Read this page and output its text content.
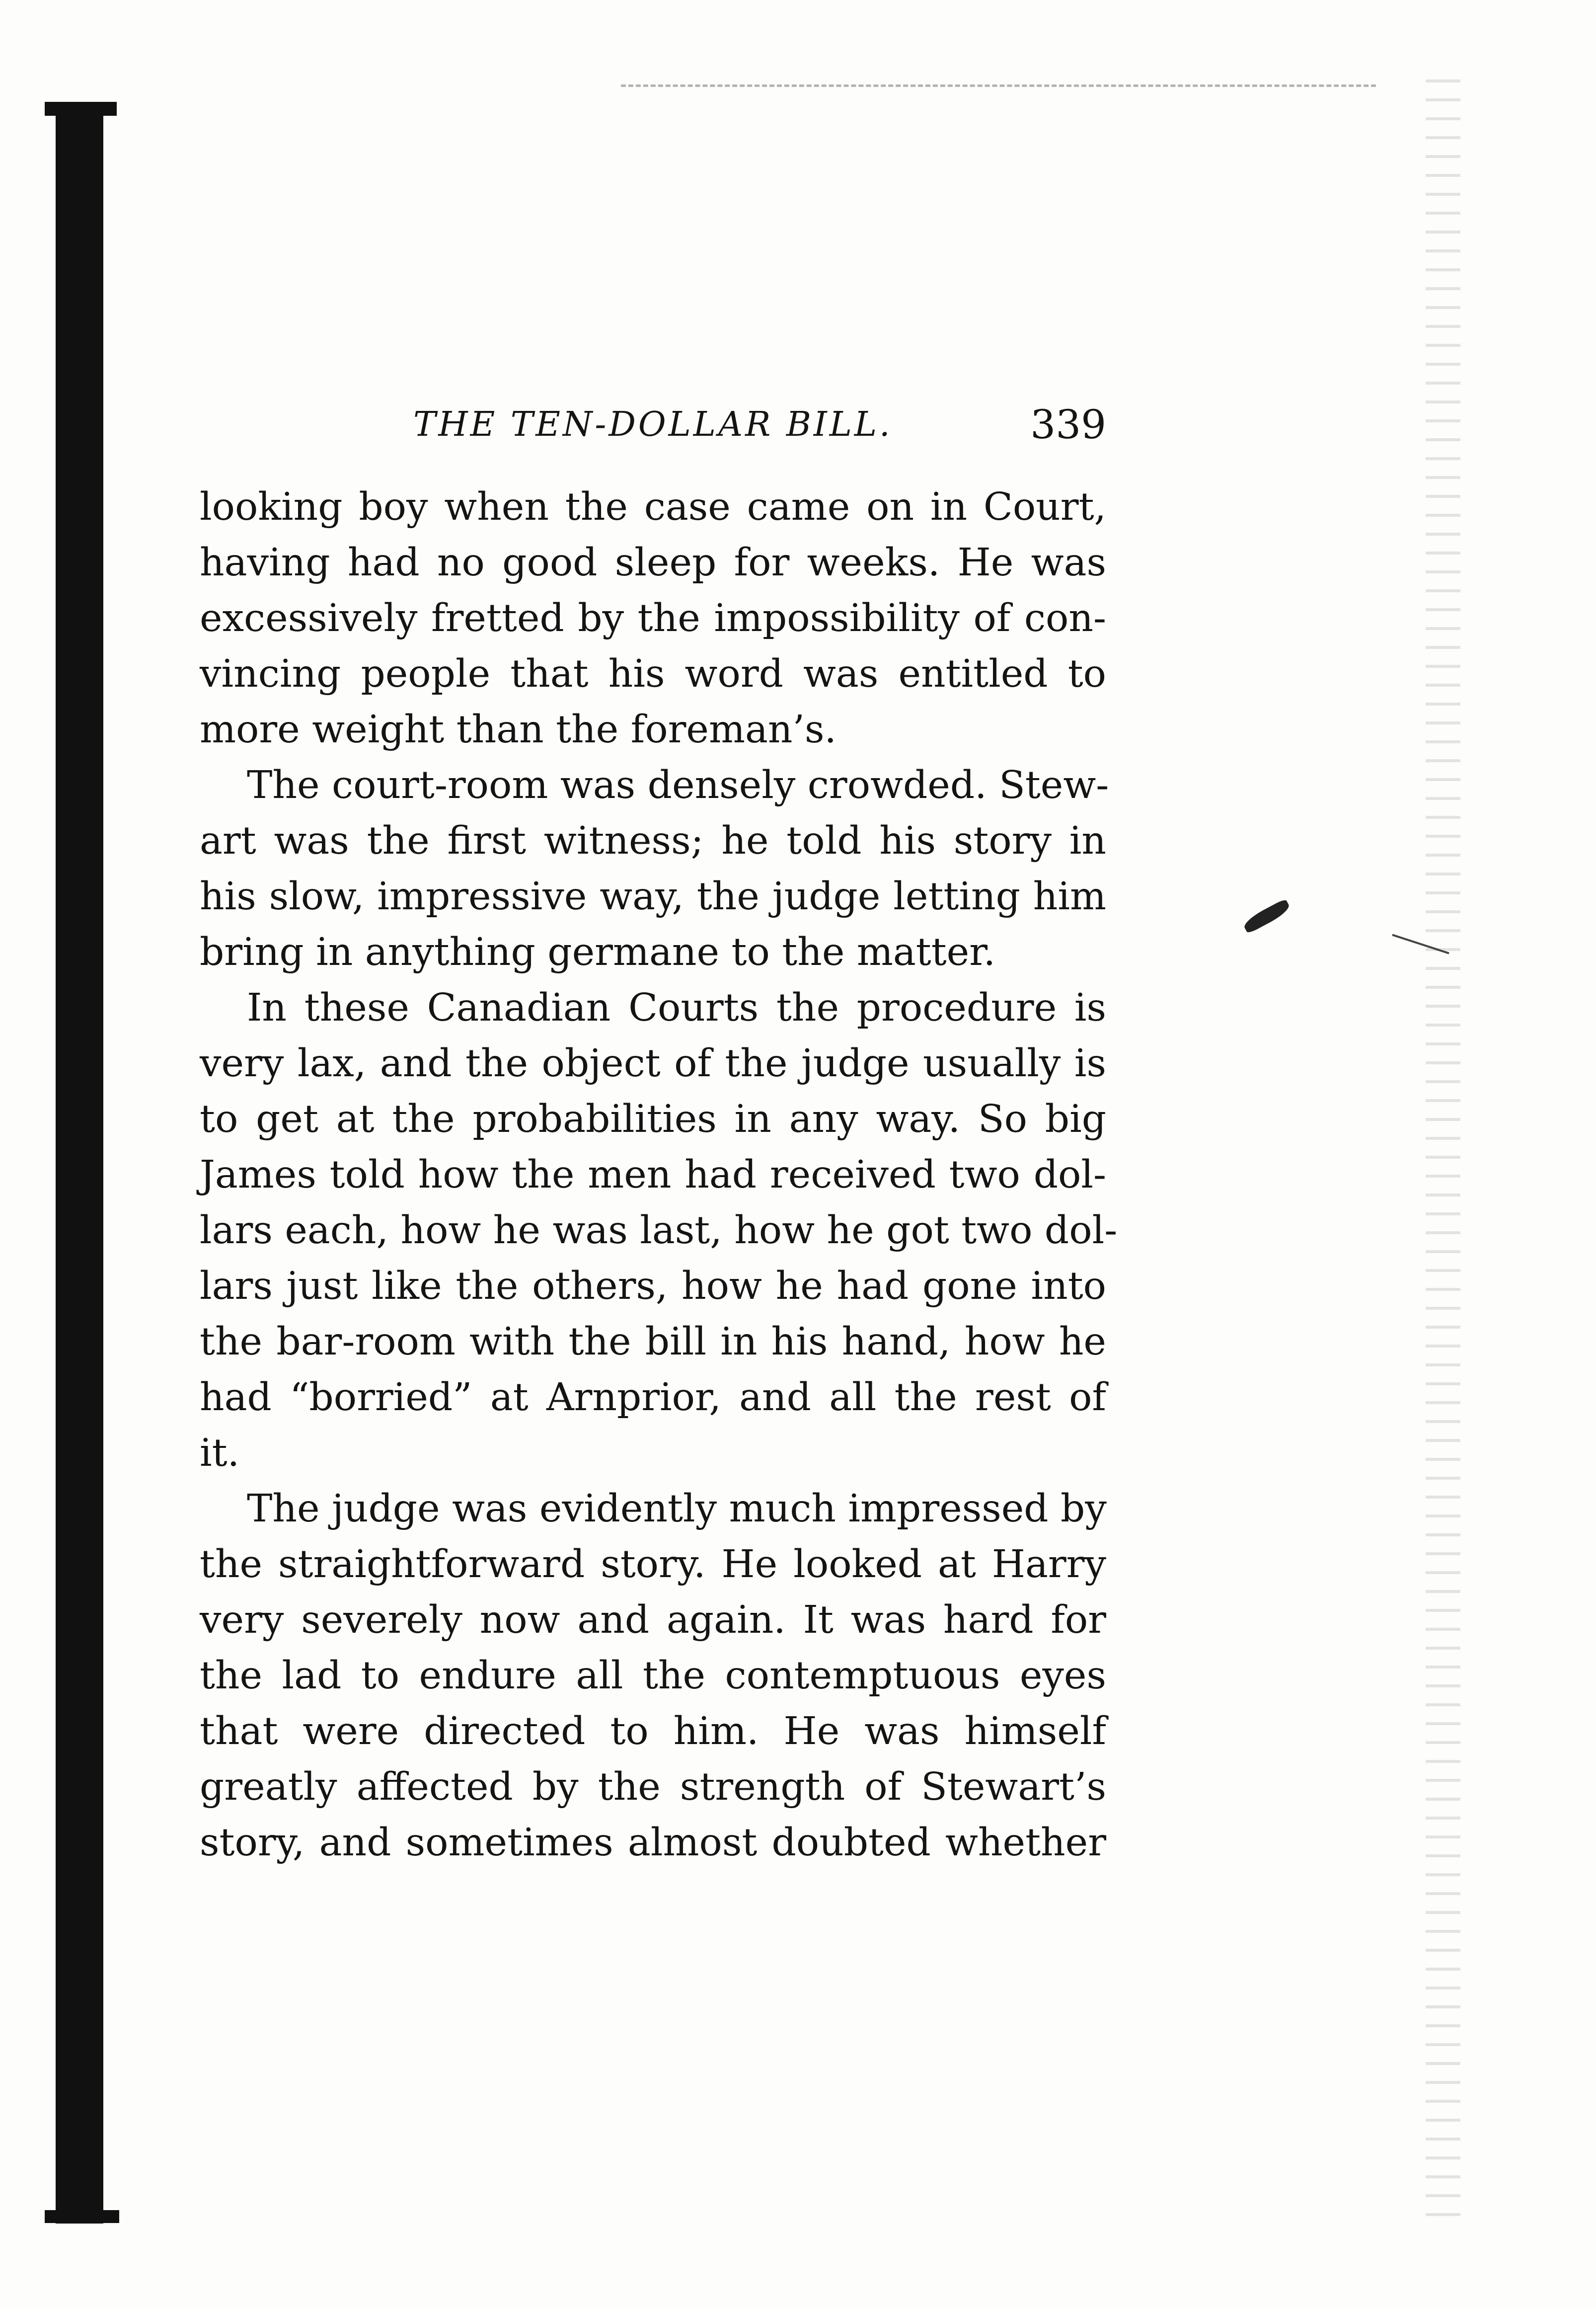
THE TEN-DOLLAR BILL.	339
looking boy when the case came on in Court,
having had no good sleep for weeks. He was
excessively fretted by the impossibility of con-
vincing people that his word was entitled to
more weight than the foreman’s.
The court-room was densely crowded. Stew-
art was the first witness; he told his story in
his slow, impressive way, the judge letting him
bring in anything germane to the matter.
In these Canadian Courts the procedure is
very lax, and the object of the judge usually is
to get at the probabilities in any way. So big
James told how the men had received two dol-
lars each, how he was last, how he got two dol-
lars just like the others, how he had gone into
the bar-room with the bill in his hand, how he
had “borried” at Arnprior, and all the rest of
it.
The judge was evidently much impressed by
the straightforward story. He looked at Harry
very severely now and again. It was hard for
the lad to endure all the contemptuous eyes
that were directed to him. He was himself
greatly affected by the strength of Stewart’s
story, and sometimes almost doubted whether
